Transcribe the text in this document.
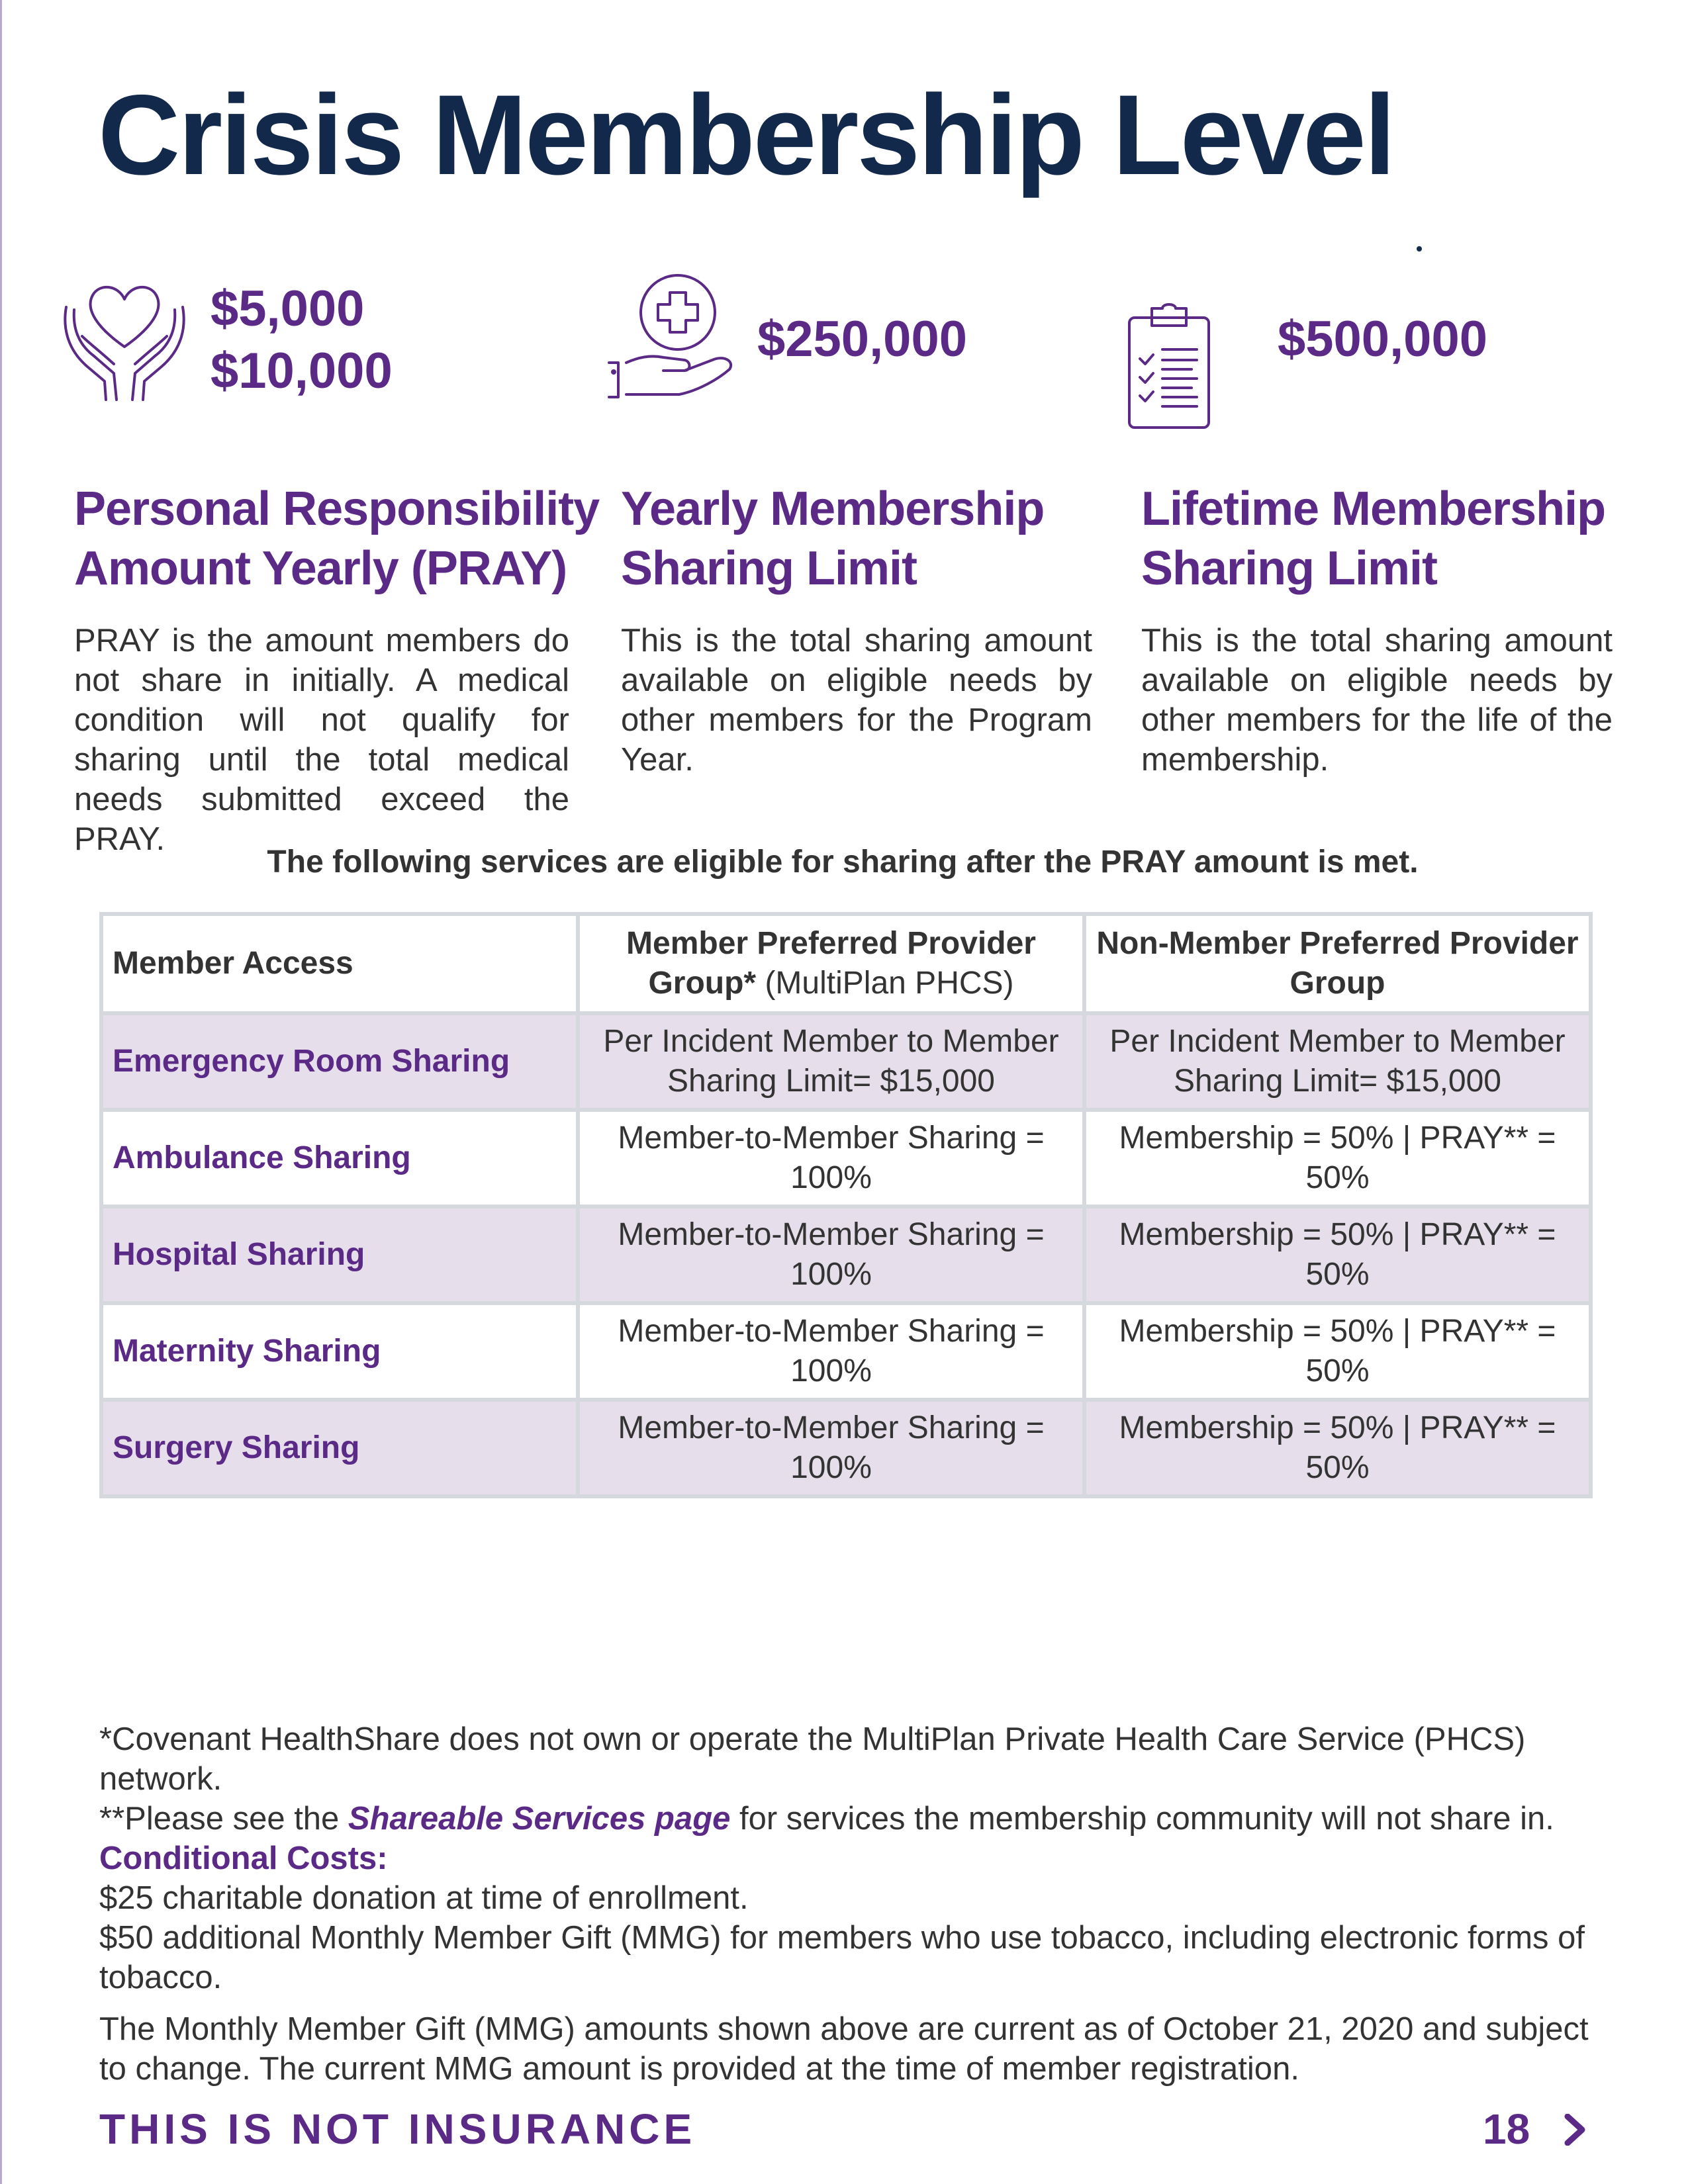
Crisis Membership Level
$5,000
$10,000
Personal Responsibility
Amount Yearly (PRAY)

PRAY is the amount members do not share in initially. A medical condition will not qualify for sharing until the total medical needs submitted exceed the PRAY.

$250,000
Yearly Membership
Sharing Limit

This is the total sharing amount available on eligible needs by other members for the Program Year.

$500,000
Lifetime Membership
Sharing Limit

This is the total sharing amount available on eligible needs by other members for the life of the membership.

The following services are eligible for sharing after the PRAY amount is met.
Member Access	Member Preferred Provider Group* (MultiPlan PHCS)	Non-Member Preferred Provider Group
Emergency Room Sharing	Per Incident Member to Member Sharing Limit= $15,000	Per Incident Member to Member Sharing Limit= $15,000
Ambulance Sharing	Member-to-Member Sharing = 100%	Membership = 50% | PRAY** = 50%
Hospital Sharing	Member-to-Member Sharing = 100%	Membership = 50% | PRAY** = 50%
Maternity Sharing	Member-to-Member Sharing = 100%	Membership = 50% | PRAY** = 50%
Surgery Sharing	Member-to-Member Sharing = 100%	Membership = 50% | PRAY** = 50%

*Covenant HealthShare does not own or operate the MultiPlan Private Health Care Service (PHCS) network.

**Please see the Shareable Services page for services the membership community will not share in.

Conditional Costs:

$25 charitable donation at time of enrollment.

$50 additional Monthly Member Gift (MMG) for members who use tobacco, including electronic forms of tobacco.

The Monthly Member Gift (MMG) amounts shown above are current as of October 21, 2020 and subject to change. The current MMG amount is provided at the time of member registration.

THIS IS NOT INSURANCE	18
